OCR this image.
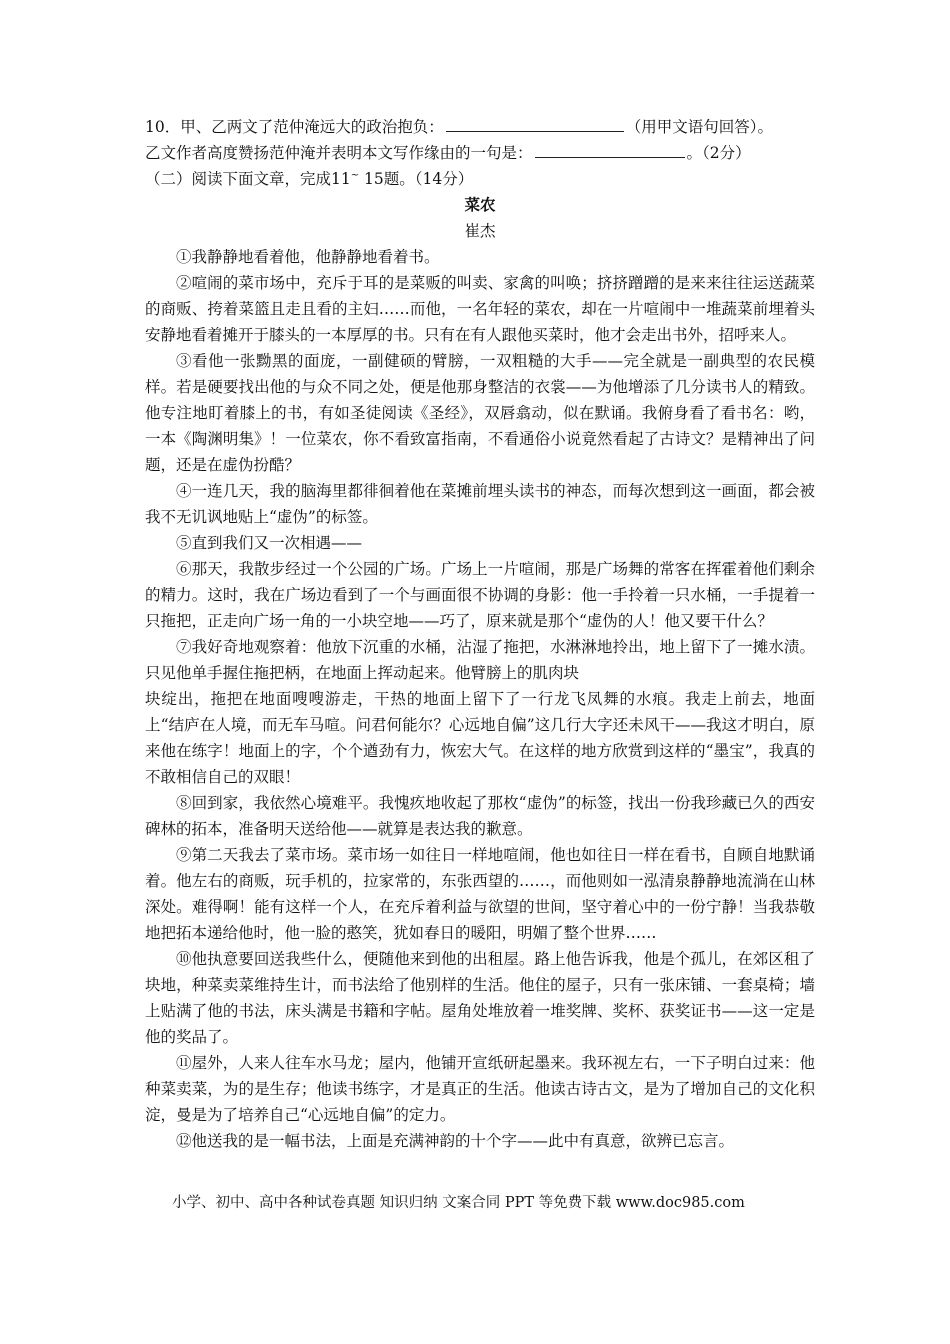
10．甲、乙两文了范仲淹远大的政治抱负：	（用甲文语句回答）。
乙文作者高度赞扬范仲淹并表明本文写作缘由的一句是：	。（2分）
（二）阅读下面文章，完成11~ 15题。（14分）
菜农
崔杰
①我静静地看着他，他静静地看着书。
②喧闹的菜市场中，充斥于耳的是菜贩的叫卖、家禽的叫唤；挤挤蹭蹭的是来来往往运送蔬菜的商贩、挎着菜篮且走且看的主妇……而他，一名年轻的菜农，却在一片喧闹中一堆蔬菜前埋着头安静地看着摊开于膝头的一本厚厚的书。只有在有人跟他买菜时，他才会走出书外，招呼来人。
③看他一张黝黑的面庞，一副健硕的臂膀，一双粗糙的大手——完全就是一副典型的农民模样。若是硬要找出他的与众不同之处，便是他那身整洁的衣裳——为他增添了几分读书人的精致。他专注地盯着膝上的书，有如圣徒阅读《圣经》，双唇翕动，似在默诵。我俯身看了看书名：哟，一本《陶渊明集》！一位菜农，你不看致富指南，不看通俗小说竟然看起了古诗文？是精神出了问题，还是在虚伪扮酷？
④一连几天，我的脑海里都徘徊着他在菜摊前埋头读书的神态，而每次想到这一画面，都会被我不无讥讽地贴上“虚伪”的标签。
⑤直到我们又一次相遇——
⑥那天，我散步经过一个公园的广场。广场上一片喧闹，那是广场舞的常客在挥霍着他们剩余的精力。这时，我在广场边看到了一个与画面很不协调的身影：他一手拎着一只水桶，一手提着一只拖把，正走向广场一角的一小块空地——巧了，原来就是那个“虚伪的人！他又要干什么？
⑦我好奇地观察着：他放下沉重的水桶，沾湿了拖把，水淋淋地拎出，地上留下了一摊水渍。只见他单手握住拖把柄，在地面上挥动起来。他臂膀上的肌肉块
块绽出，拖把在地面嗖嗖游走，干热的地面上留下了一行龙飞凤舞的水痕。我走上前去，地面上“结庐在人境，而无车马喧。问君何能尔？心远地自偏”这几行大字还未风干——我这才明白，原来他在练字！地面上的字，个个遒劲有力，恢宏大气。在这样的地方欣赏到这样的“墨宝”，我真的不敢相信自己的双眼！
⑧回到家，我依然心境难平。我愧疚地收起了那枚“虚伪”的标签，找出一份我珍藏已久的西安碑林的拓本，准备明天送给他——就算是表达我的歉意。
⑨第二天我去了菜市场。菜市场一如往日一样地喧闹，他也如往日一样在看书，自顾自地默诵着。他左右的商贩，玩手机的，拉家常的，东张西望的……，而他则如一泓清泉静静地流淌在山林深处。难得啊！能有这样一个人，在充斥着利益与欲望的世间，坚守着心中的一份宁静！当我恭敬地把拓本递给他时，他一脸的憨笑，犹如春日的暖阳，明媚了整个世界……
⑩他执意要回送我些什么，便随他来到他的出租屋。路上他告诉我，他是个孤儿，在郊区租了块地，种菜卖菜维持生计，而书法给了他别样的生活。他住的屋子，只有一张床铺、一套桌椅；墙上贴满了他的书法，床头满是书籍和字帖。屋角处堆放着一堆奖牌、奖杯、获奖证书——这一定是他的奖品了。
⑪屋外，人来人往车水马龙；屋内，他铺开宣纸研起墨来。我环视左右，一下子明白过来：他种菜卖菜，为的是生存；他读书练字，才是真正的生活。他读古诗古文，是为了增加自己的文化积淀，曼是为了培养自己“心远地自偏”的定力。
⑫他送我的是一幅书法，上面是充满神韵的十个字——此中有真意，欲辨已忘言。
小学、初中、高中各种试卷真题 知识归纳 文案合同 PPT 等免费下载 www.doc985.com
